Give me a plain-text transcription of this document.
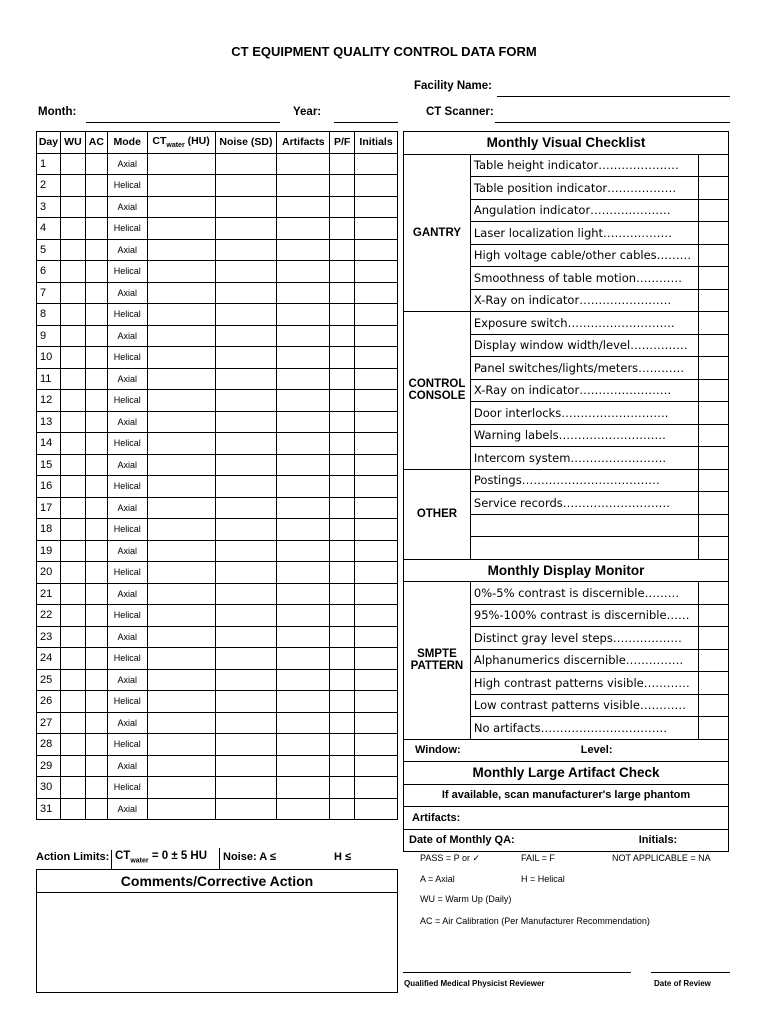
CT EQUIPMENT QUALITY CONTROL DATA FORM
Facility Name:
Month:	Year:	CT Scanner:
Day	WU	AC	Mode	$CT_{water}$ (HU)	Noise (SD)	Artifacts	P/F	Initials
1			Axial					
2			Helical					
3			Axial					
4			Helical					
5			Axial					
6			Helical					
7			Axial					
8			Helical					
9			Axial					
10			Helical					
11			Axial					
12			Helical					
13			Axial					
14			Helical					
15			Axial					
16			Helical					
17			Axial					
18			Helical					
19			Axial					
20			Helical					
21			Axial					
22			Helical					
23			Axial					
24			Helical					
25			Axial					
26			Helical					
27			Axial					
28			Helical					
29			Axial					
30			Helical					
31			Axial					
Action Limits: $CT_{water} = 0 \pm 5$ HU Noise: A ≤	H ≤
Comments/Corrective Action
Monthly Visual Checklist		
GANTRY	Table height indicator…………………	
	Table position indicator………………	
	Angulation indicator…………………	
	Laser localization light………………	
	High voltage cable/other cables………	
	Smoothness of table motion…………	
	X-Ray on indicator……………………	
CONTROL CONSOLE	Exposure switch……………………….	
	Display window width/level……………	
	Panel switches/lights/meters…………	
	X-Ray on indicator……………………	
	Door interlocks……………………….	
	Warning labels……………………….	
	Intercom system…………………….	
OTHER	Postings………………………………	
	Service records……………………….	

Monthly Display Monitor		
SMPTE PATTERN	0%-5% contrast is discernible………	
	95%-100% contrast is discernible……	
	Distinct gray level steps………………	
	Alphanumerics discernible……………	
	High contrast patterns visible…………	
	Low contrast patterns visible…………	
	No artifacts……………………………	
Window: Level:		
Monthly Large Artifact Check		
If available, scan manufacturer's large phantom		
Artifacts:		
Date of Monthly QA: Initials:		
PASS = P or ✓	FAIL = F	NOT APPLICABLE = NA
A = Axial	H = Helical
WU = Warm Up (Daily)
AC = Air Calibration (Per Manufacturer Recommendation)
Qualified Medical Physicist Reviewer	Date of Review
